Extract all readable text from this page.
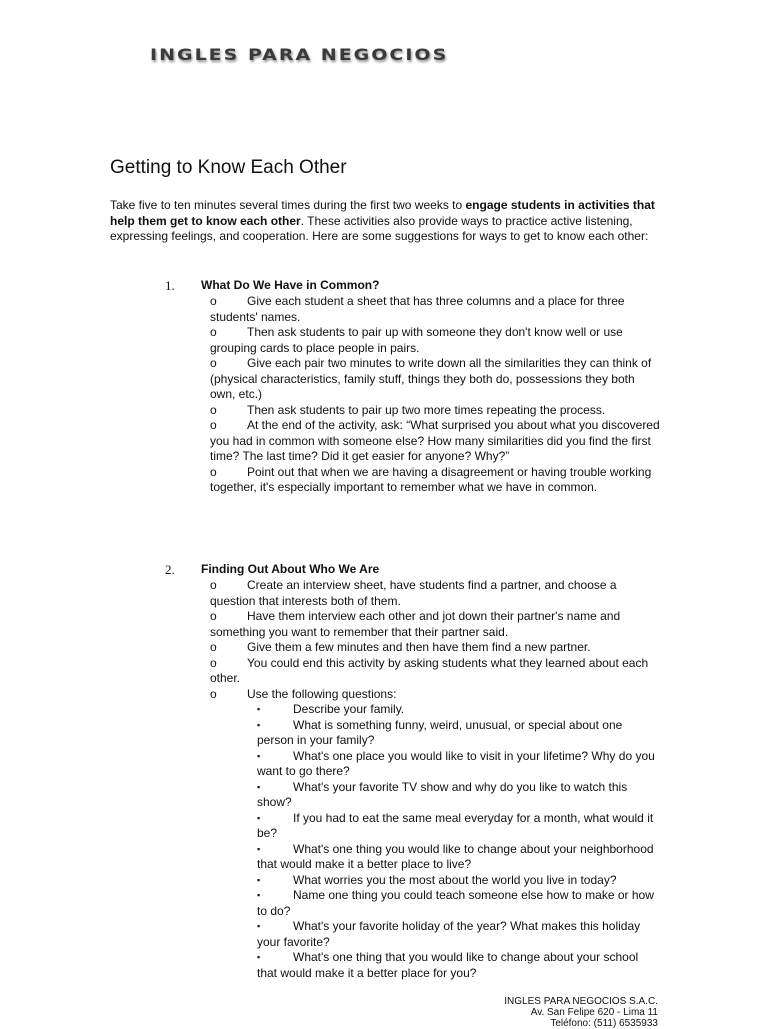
INGLES PARA NEGOCIOS
Getting to Know Each Other

Take five to ten minutes several times during the first two weeks to engage students in activities that help them get to know each other. These activities also provide ways to practice active listening, expressing feelings, and cooperation. Here are some suggestions for ways to get to know each other:

1. What Do We Have in Common?
o	Give each student a sheet that has three columns and a place for three students' names.
o	Then ask students to pair up with someone they don't know well or use grouping cards to place people in pairs.
o	Give each pair two minutes to write down all the similarities they can think of (physical characteristics, family stuff, things they both do, possessions they both own, etc.)
o	Then ask students to pair up two more times repeating the process.
o	At the end of the activity, ask: “What surprised you about what you discovered you had in common with someone else? How many similarities did you find the first time? The last time? Did it get easier for anyone? Why?”
o	Point out that when we are having a disagreement or having trouble working together, it's especially important to remember what we have in common.
2. Finding Out About Who We Are
o	Create an interview sheet, have students find a partner, and choose a question that interests both of them.
o	Have them interview each other and jot down their partner's name and something you want to remember that their partner said.
o	Give them a few minutes and then have them find a new partner.
o	You could end this activity by asking students what they learned about each other.
o	Use the following questions:
▪	Describe your family.
▪	What is something funny, weird, unusual, or special about one person in your family?
▪	What's one place you would like to visit in your lifetime? Why do you want to go there?
▪	What's your favorite TV show and why do you like to watch this show?
▪	If you had to eat the same meal everyday for a month, what would it be?
▪	What's one thing you would like to change about your neighborhood that would make it a better place to live?
▪	What worries you the most about the world you live in today?
▪	Name one thing you could teach someone else how to make or how to do?
▪	What's your favorite holiday of the year? What makes this holiday your favorite?
▪	What's one thing that you would like to change about your school that would make it a better place for you?
INGLES PARA NEGOCIOS S.A.C.
Av. San Felipe 620 - Lima 11
Teléfono: (511) 6535933
